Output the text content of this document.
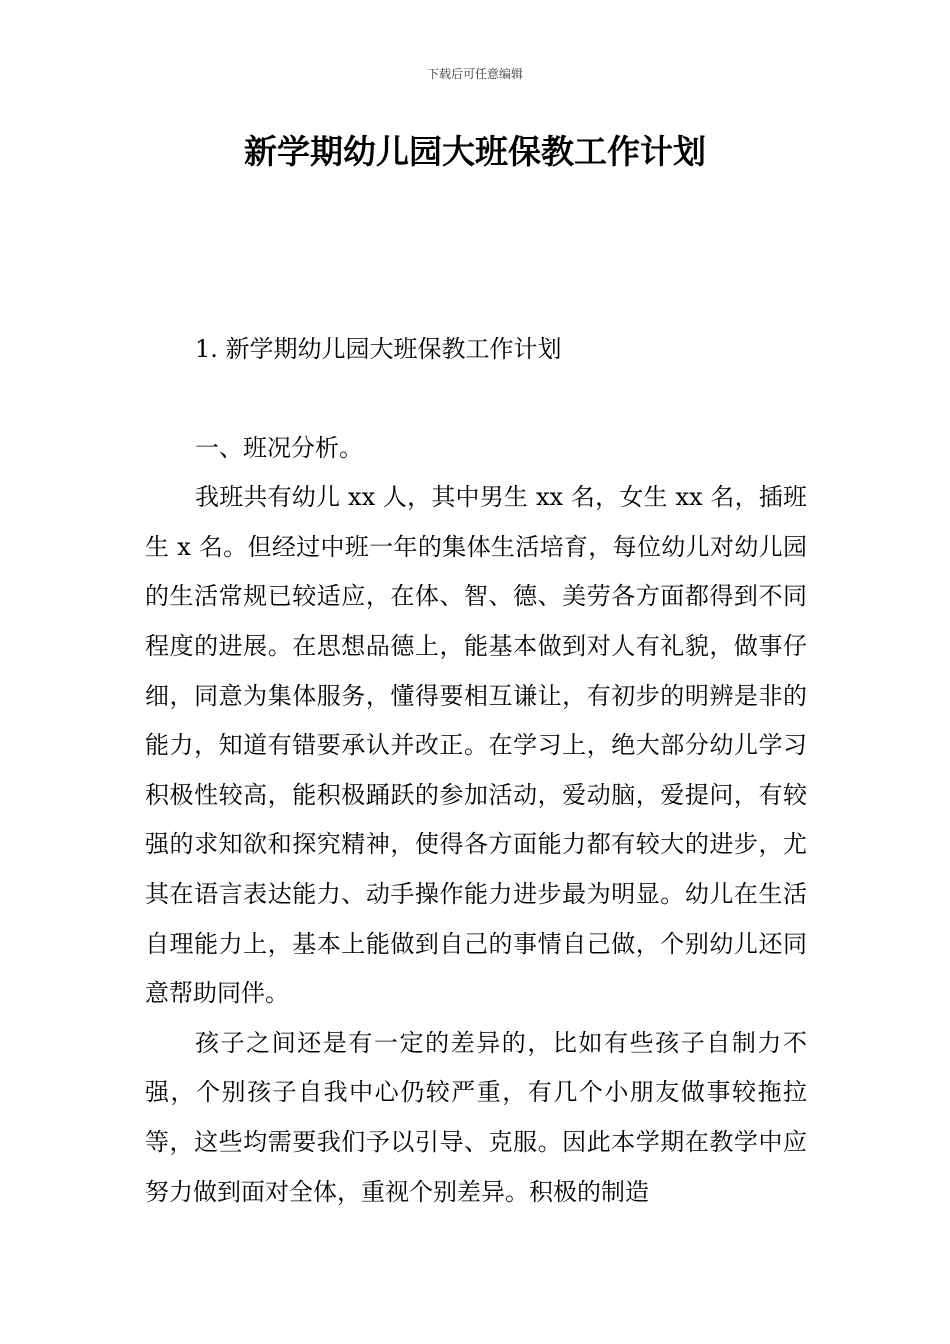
下载后可任意编辑
新学期幼儿园大班保教工作计划
1. 新学期幼儿园大班保教工作计划
一、班况分析。

我班共有幼儿 xx 人，其中男生 xx 名，女生 xx 名，插班生 x 名。但经过中班一年的集体生活培育，每位幼儿对幼儿园的生活常规已较适应，在体、智、德、美劳各方面都得到不同程度的进展。在思想品德上，能基本做到对人有礼貌，做事仔细，同意为集体服务，懂得要相互谦让，有初步的明辨是非的能力，知道有错要承认并改正。在学习上，绝大部分幼儿学习积极性较高，能积极踊跃的参加活动，爱动脑，爱提问，有较强的求知欲和探究精神，使得各方面能力都有较大的进步，尤其在语言表达能力、动手操作能力进步最为明显。幼儿在生活自理能力上，基本上能做到自己的事情自己做，个别幼儿还同意帮助同伴。

孩子之间还是有一定的差异的，比如有些孩子自制力不强，个别孩子自我中心仍较严重，有几个小朋友做事较拖拉等，这些均需要我们予以引导、克服。因此本学期在教学中应努力做到面对全体，重视个别差异。积极的制造
